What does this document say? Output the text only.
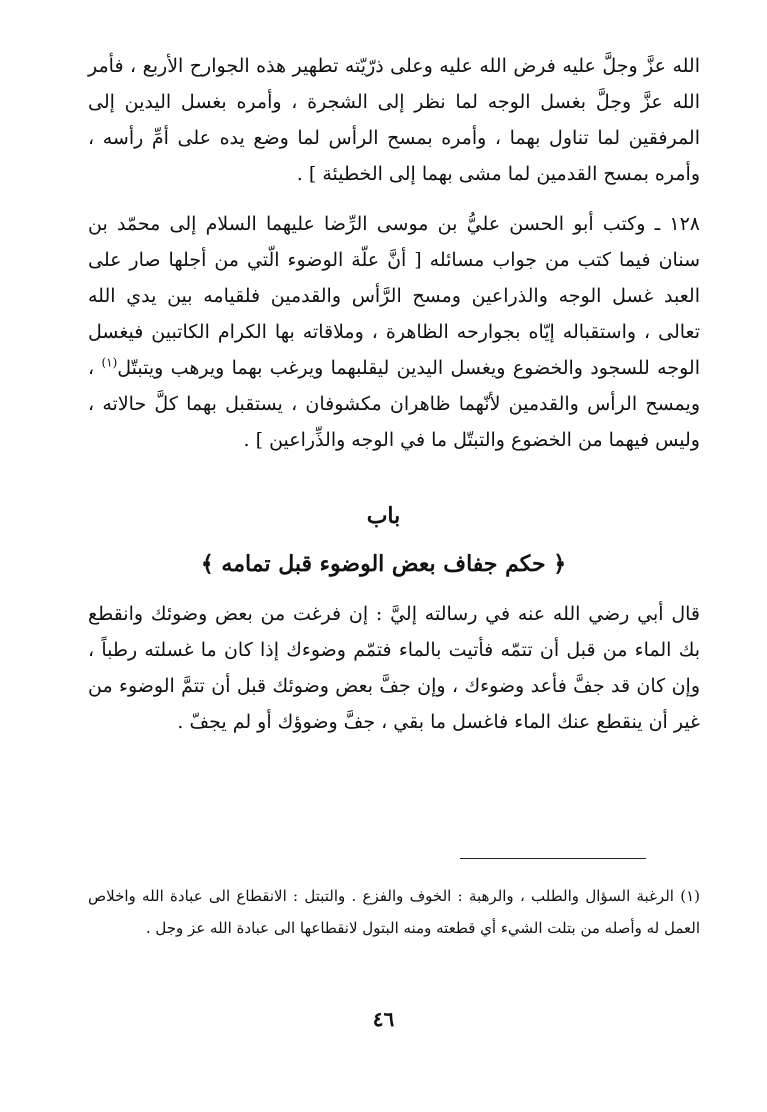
الله عزَّ وجلَّ عليه فرض الله عليه وعلى ذرّيّته تطهير هذه الجوارح الأربع ، فأمر الله عزَّ وجلَّ بغسل الوجه لما نظر إلى الشجرة ، وأمره بغسل اليدين إلى المرفقين لما تناول بهما ، وأمره بمسح الرأس لما وضع يده على أمِّ رأسه ، وأمره بمسح القدمين لما مشى بهما إلى الخطيئة ] .

١٢٨ ـ وكتب أبو الحسن عليُّ بن موسى الرِّضا عليهما السلام إلى محمّد بن سنان فيما كتب من جواب مسائله [ أنَّ علّة الوضوء الّتي من أجلها صار على العبد غسل الوجه والذراعين ومسح الرَّأس والقدمين فلقيامه بين يدي الله تعالى ، واستقباله إيّاه بجوارحه الظاهرة ، وملاقاته بها الكرام الكاتبين فيغسل الوجه للسجود والخضوع ويغسل اليدين ليقلبهما ويرغب بهما ويرهب ويتبتّل$^{(١)}$ ، ويمسح الرأس والقدمين لأنّهما ظاهران مكشوفان ، يستقبل بهما كلَّ حالاته ، وليس فيهما من الخضوع والتبتّل ما في الوجه والذِّراعين ] .

باب
﴿ حكم جفاف بعض الوضوء قبل تمامه ﴾

قال أبي رضي الله عنه في رسالته إليَّ : إن فرغت من بعض وضوئك وانقطع بك الماء من قبل أن تتمّه فأتيت بالماء فتمّم وضوءك إذا كان ما غسلته رطباً ، وإن كان قد جفَّ فأعد وضوءك ، وإن جفَّ بعض وضوئك قبل أن تتمَّ الوضوء من غير أن ينقطع عنك الماء فاغسل ما بقي ، جفَّ وضوؤك أو لم يجفّ .

(١) الرغبة السؤال والطلب ، والرهبة : الخوف والفزع . والتبتل : الانقطاع الى عبادة الله واخلاص العمل له وأصله من بتلت الشيء أي قطعته ومنه البتول لانقطاعها الى عبادة الله عز وجل .

٤٦
